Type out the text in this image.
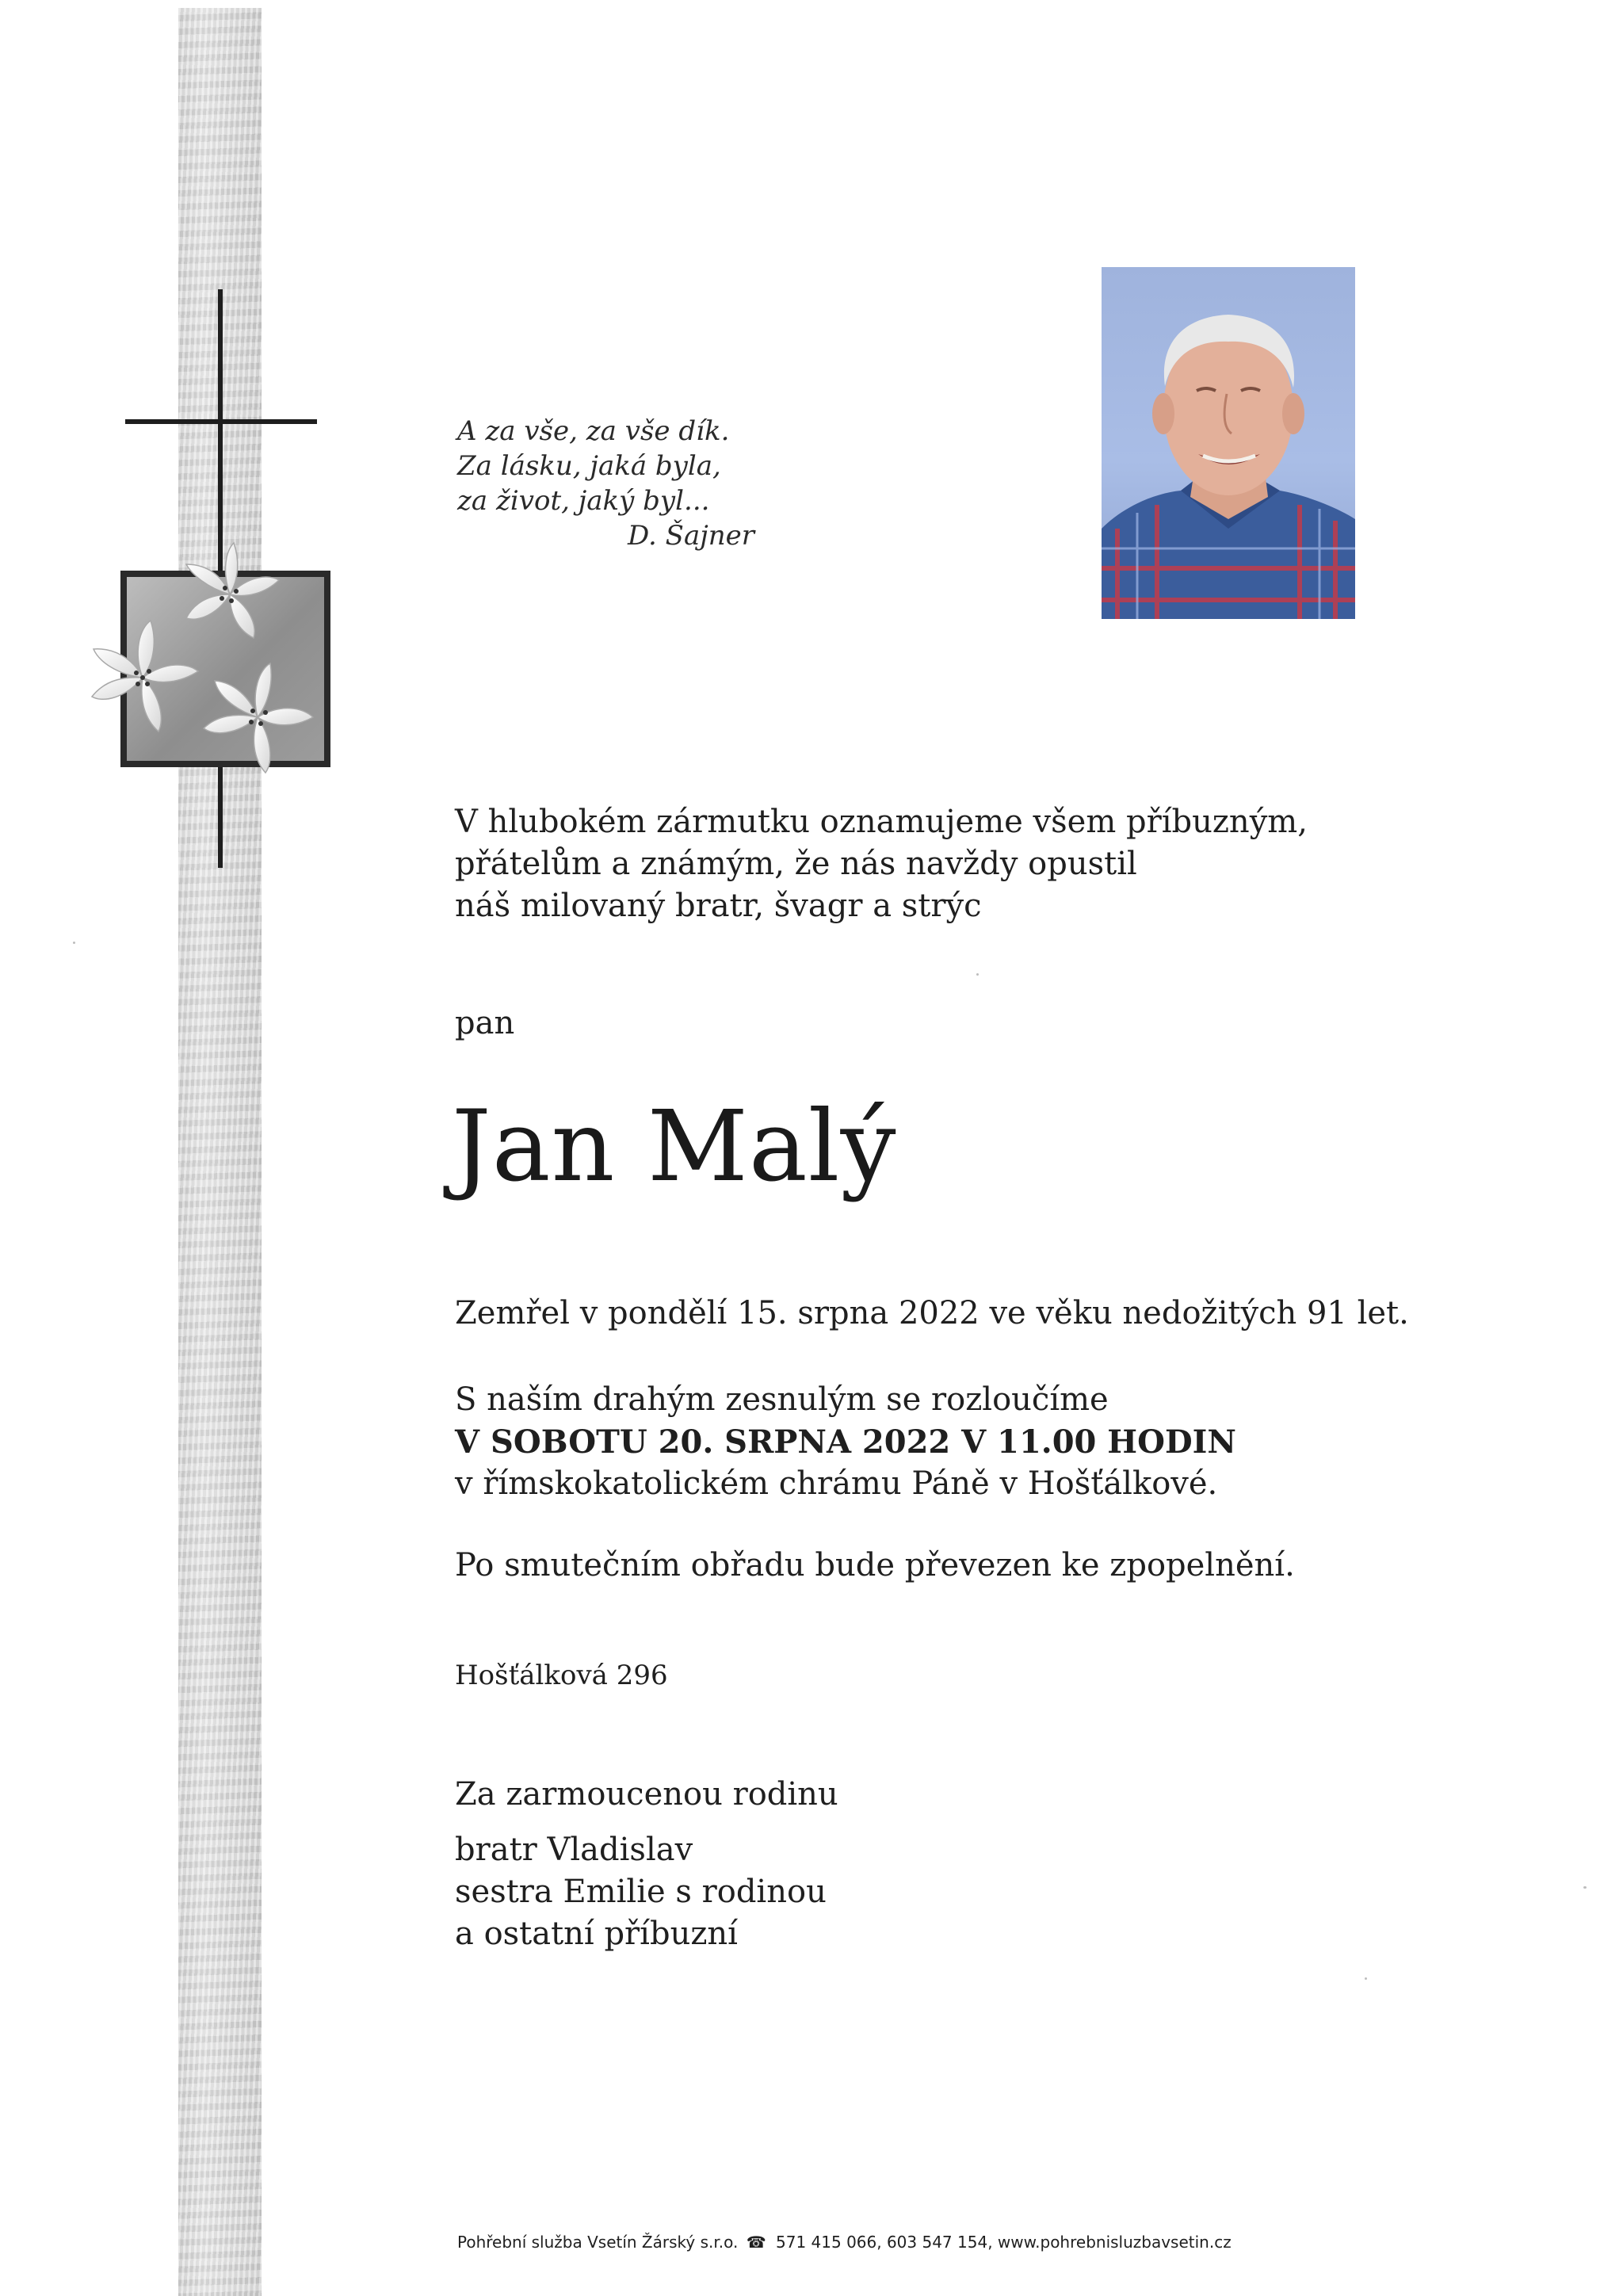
A za vše, za vše dík.
Za lásku, jaká byla,
za život, jaký byl...
D. Šajner
V hlubokém zármutku oznamujeme všem příbuzným,
přátelům a známým, že nás navždy opustil
náš milovaný bratr, švagr a strýc
pan
Jan Malý
Zemřel v pondělí 15. srpna 2022 ve věku nedožitých 91 let.
S naším drahým zesnulým se rozloučíme
V SOBOTU 20. SRPNA 2022 V 11.00 HODIN
v římskokatolickém chrámu Páně v Hošťálkové.
Po smutečním obřadu bude převezen ke zpopelnění.
Hošťálková 296
Za zarmoucenou rodinu
bratr Vladislav
sestra Emilie s rodinou
a ostatní příbuzní
Pohřební služba Vsetín Žárský s.r.o. ☎ 571 415 066, 603 547 154, www.pohrebnisluzbavsetin.cz
